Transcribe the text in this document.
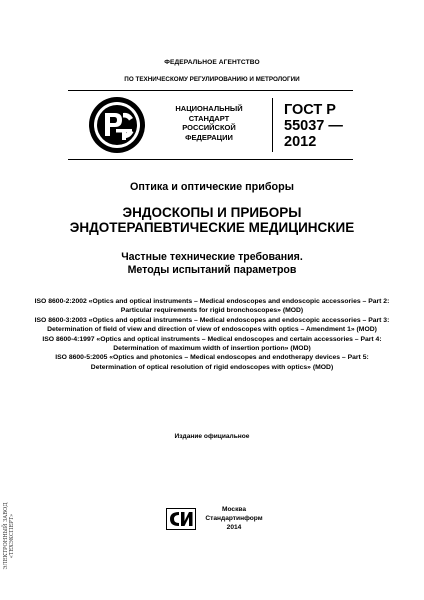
ФЕДЕРАЛЬНОЕ АГЕНТСТВО
ПО ТЕХНИЧЕСКОМУ РЕГУЛИРОВАНИЮ И МЕТРОЛОГИИ
НАЦИОНАЛЬНЫЙ
СТАНДАРТ
РОССИЙСКОЙ
ФЕДЕРАЦИИ
ГОСТ Р
55037 —
2012
Оптика и оптические приборы
ЭНДОСКОПЫ И ПРИБОРЫ
ЭНДОТЕРАПЕВТИЧЕСКИЕ МЕДИЦИНСКИЕ
Частные технические требования.
Методы испытаний параметров

ISO 8600-2:2002 «Optics and optical instruments – Medical endoscopes and endoscopic accessories – Part 2: Particular requirements for rigid bronchoscopes» (MOD)

ISO 8600-3:2003 «Optics and optical instruments – Medical endoscopes and endoscopic accessories – Part 3: Determination of field of view and direction of view of endoscopes with optics – Amendment 1» (MOD)

ISO 8600-4:1997 «Optics and optical instruments – Medical endoscopes and certain accessories – Part 4: Determination of maximum width of insertion portion» (MOD)

ISO 8600-5:2005 «Optics and photonics – Medical endoscopes and endotherapy devices – Part 5: Determination of optical resolution of rigid endoscopes with optics» (MOD)

Издание официальное
Москва
Стандартинформ
2014
ЭЛЕКТРОННЫЙ ЗАВОД «ТЕХЭКСПЕРТ»
